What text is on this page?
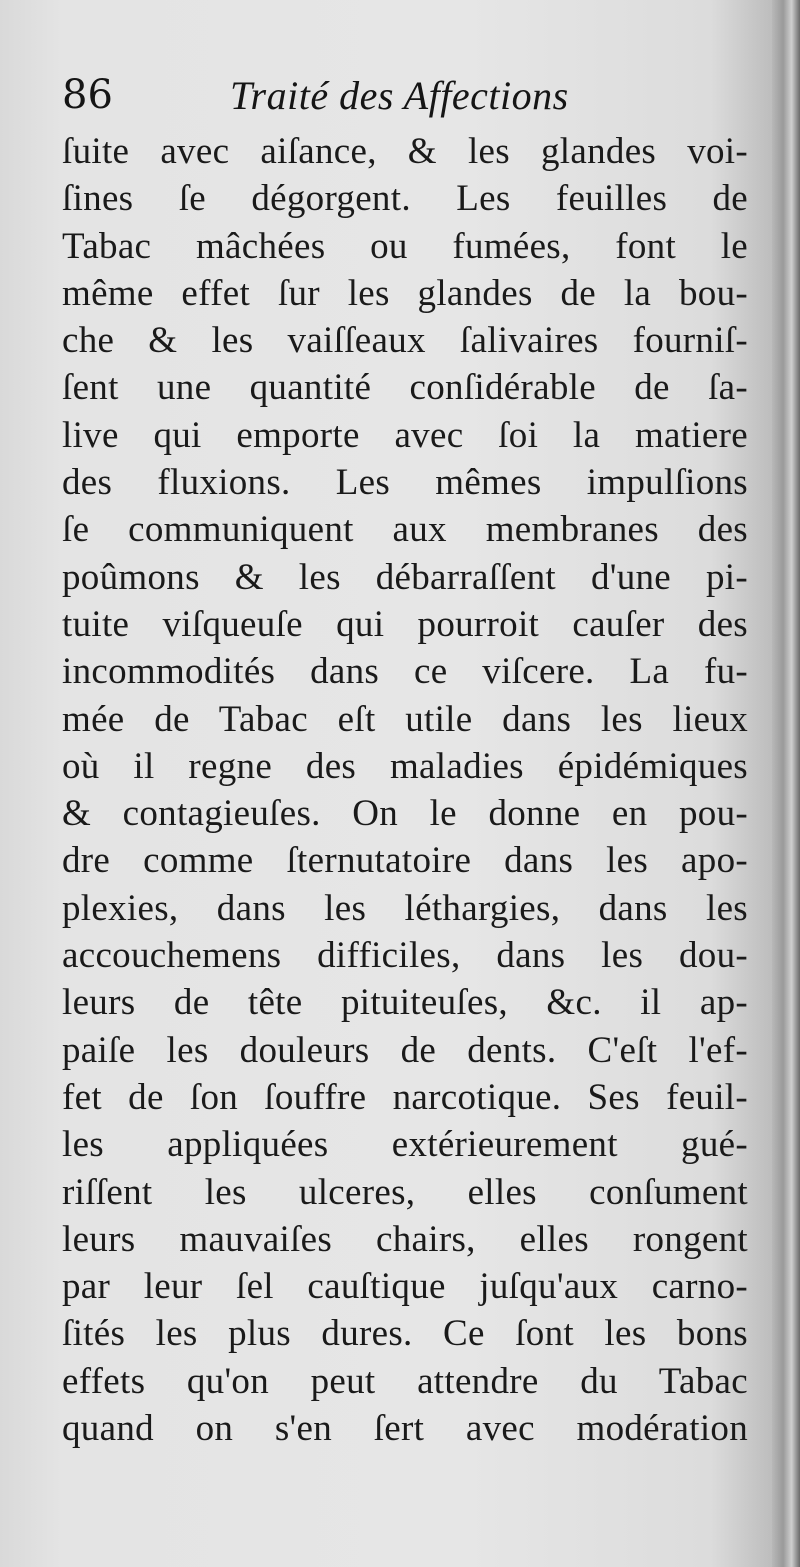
86	Traité des Affections
ſuite avec aiſance, & les glandes voi-
ſines ſe dégorgent. Les feuilles de
Tabac mâchées ou fumées, font le
même effet ſur les glandes de la bou-
che & les vaiſſeaux ſalivaires fourniſ-
ſent une quantité conſidérable de ſa-
live qui emporte avec ſoi la matiere
des fluxions. Les mêmes impulſions
ſe communiquent aux membranes des
poûmons & les débarraſſent d'une pi-
tuite viſqueuſe qui pourroit cauſer des
incommodités dans ce viſcere. La fu-
mée de Tabac eſt utile dans les lieux
où il regne des maladies épidémiques
& contagieuſes. On le donne en pou-
dre comme ſternutatoire dans les apo-
plexies, dans les léthargies, dans les
accouchemens difficiles, dans les dou-
leurs de tête pituiteuſes, &c. il ap-
paiſe les douleurs de dents. C'eſt l'ef-
fet de ſon ſouffre narcotique. Ses feuil-
les appliquées extérieurement gué-
riſſent les ulceres, elles conſument
leurs mauvaiſes chairs, elles rongent
par leur ſel cauſtique juſqu'aux carno-
ſités les plus dures. Ce ſont les bons
effets qu'on peut attendre du Tabac
quand on s'en ſert avec modération
